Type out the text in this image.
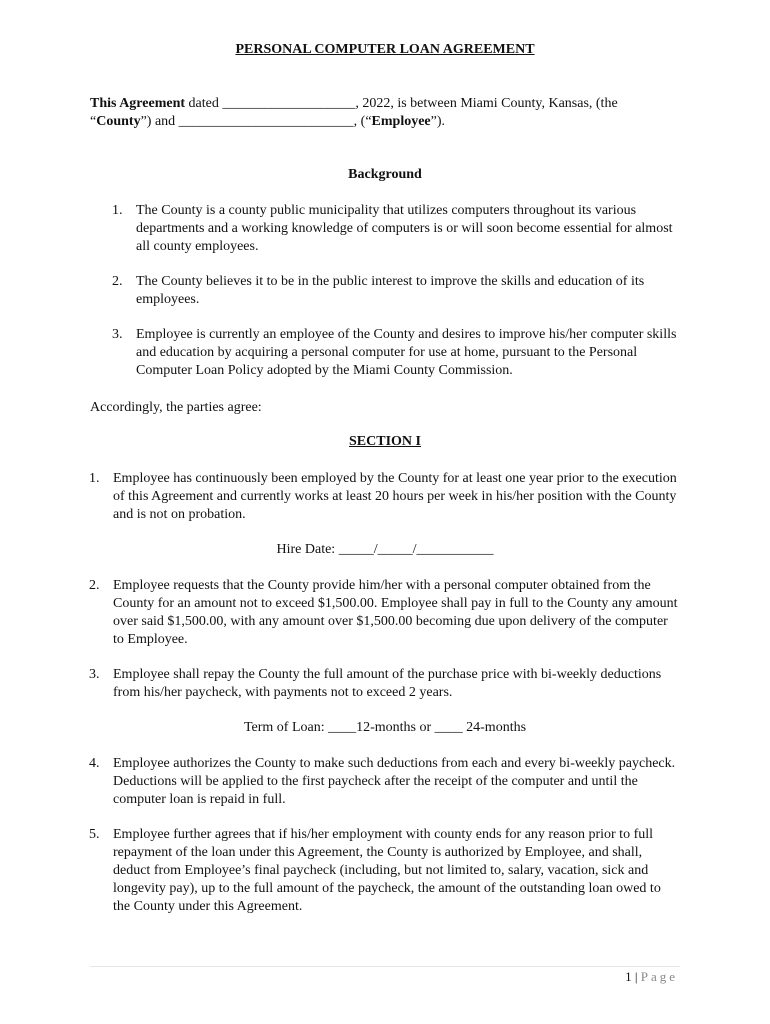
PERSONAL COMPUTER LOAN AGREEMENT
This Agreement dated ___________________, 2022, is between Miami County, Kansas, (the
“County”) and _________________________, (“Employee”).
Background
1. The County is a county public municipality that utilizes computers throughout its various departments and a working knowledge of computers is or will soon become essential for almost all county employees.
2. The County believes it to be in the public interest to improve the skills and education of its employees.
3. Employee is currently an employee of the County and desires to improve his/her computer skills and education by acquiring a personal computer for use at home, pursuant to the Personal Computer Loan Policy adopted by the Miami County Commission.
Accordingly, the parties agree:
SECTION I
1. Employee has continuously been employed by the County for at least one year prior to the execution of this Agreement and currently works at least 20 hours per week in his/her position with the County and is not on probation.
Hire Date: _____/_____/___________
2. Employee requests that the County provide him/her with a personal computer obtained from the County for an amount not to exceed $1,500.00. Employee shall pay in full to the County any amount over said $1,500.00, with any amount over $1,500.00 becoming due upon delivery of the computer to Employee.
3. Employee shall repay the County the full amount of the purchase price with bi-weekly deductions from his/her paycheck, with payments not to exceed 2 years.
Term of Loan: ____12-months or ____ 24-months
4. Employee authorizes the County to make such deductions from each and every bi-weekly paycheck. Deductions will be applied to the first paycheck after the receipt of the computer and until the computer loan is repaid in full.
5. Employee further agrees that if his/her employment with county ends for any reason prior to full repayment of the loan under this Agreement, the County is authorized by Employee, and shall, deduct from Employee’s final paycheck (including, but not limited to, salary, vacation, sick and longevity pay), up to the full amount of the paycheck, the amount of the outstanding loan owed to the County under this Agreement.
1 | Page
